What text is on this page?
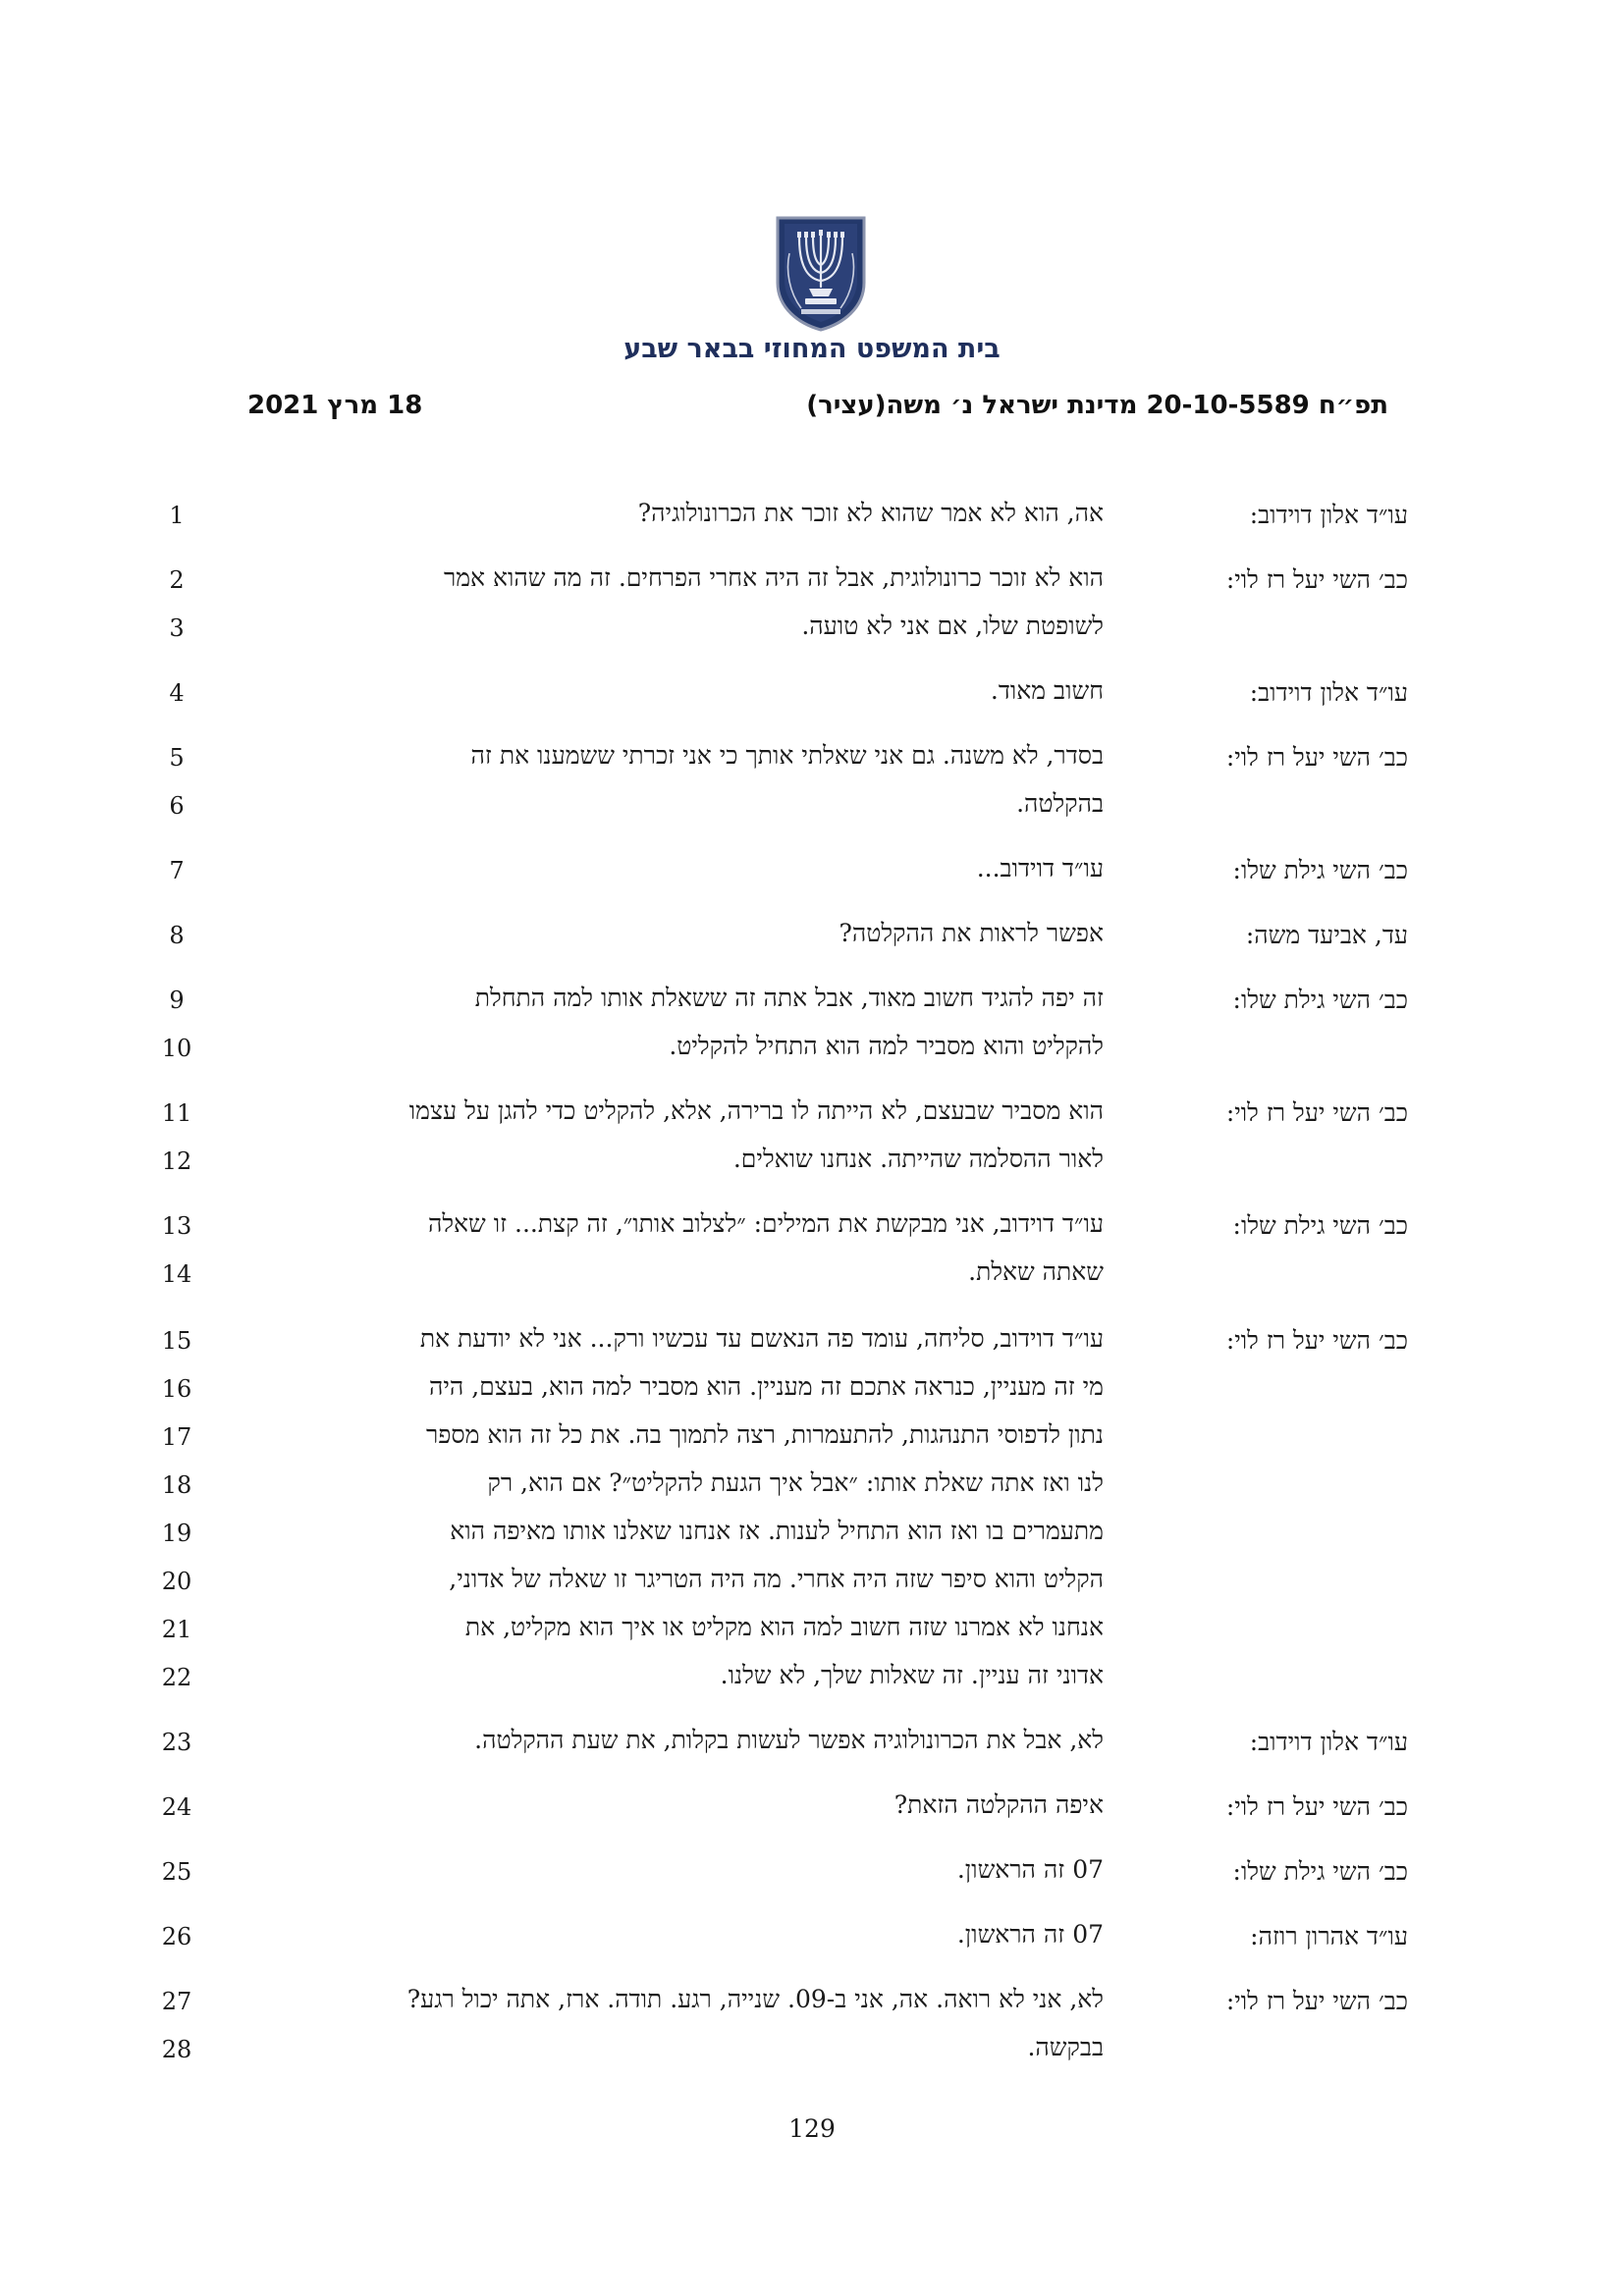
בית המשפט המחוזי בבאר שבע
תפ״ח 20-10-5589 מדינת ישראל נ׳ משה(עציר)
18 מרץ 2021
1	עו״ד אלון דוידוב:
אה, הוא לא אמר שהוא לא זוכר את הכרונולוגיה?
2	כב׳ השי יעל רז לוי:
הוא לא זוכר כרונולוגית, אבל זה היה אחרי הפרחים. זה מה שהוא אמר
3	לשופטת שלו, אם אני לא טועה.
4	עו״ד אלון דוידוב:
חשוב מאוד.
5	כב׳ השי יעל רז לוי:
בסדר, לא משנה. גם אני שאלתי אותך כי אני זכרתי ששמענו את זה
6	בהקלטה.
7	כב׳ השי גילת שלו:
עו״ד דוידוב...
8	עד, אביעד משה:
אפשר לראות את ההקלטה?
9	כב׳ השי גילת שלו:
זה יפה להגיד חשוב מאוד, אבל אתה זה ששאלת אותו למה התחלת
10	להקליט והוא מסביר למה הוא התחיל להקליט.
11	כב׳ השי יעל רז לוי:
הוא מסביר שבעצם, לא הייתה לו ברירה, אלא, להקליט כדי להגן על עצמו
12	לאור ההסלמה שהייתה. אנחנו שואלים.
13	כב׳ השי גילת שלו:
עו״ד דוידוב, אני מבקשת את המילים: ״לצלוב אותו״, זה קצת... זו שאלה
14	שאתה שאלת.
15	כב׳ השי יעל רז לוי:
עו״ד דוידוב, סליחה, עומד פה הנאשם עד עכשיו ורק... אני לא יודעת את
16	מי זה מעניין, כנראה אתכם זה מעניין. הוא מסביר למה הוא, בעצם, היה
17	נתון לדפוסי התנהגות, להתעמרות, רצה לתמוך בה. את כל זה הוא מספר
18	לנו ואז אתה שאלת אותו: ״אבל איך הגעת להקליט״? אם הוא, רק
19	מתעמרים בו ואז הוא התחיל לענות. אז אנחנו שאלנו אותו מאיפה הוא
20	הקליט והוא סיפר שזה היה אחרי. מה היה הטריגר זו שאלה של אדוני,
21	אנחנו לא אמרנו שזה חשוב למה הוא מקליט או איך הוא מקליט, את
22	אדוני זה עניין. זה שאלות שלך, לא שלנו.
23	עו״ד אלון דוידוב:
לא, אבל את הכרונולוגיה אפשר לעשות בקלות, את שעת ההקלטה.
24	כב׳ השי יעל רז לוי:
איפה ההקלטה הזאת?
25	כב׳ השי גילת שלו:
07 זה הראשון.
26	עו״ד אהרון רוזה:
07 זה הראשון.
27	כב׳ השי יעל רז לוי:
לא, אני לא רואה. אה, אני ב-09. שנייה, רגע. תודה. ארז, אתה יכול רגע?
28	בבקשה.
129
